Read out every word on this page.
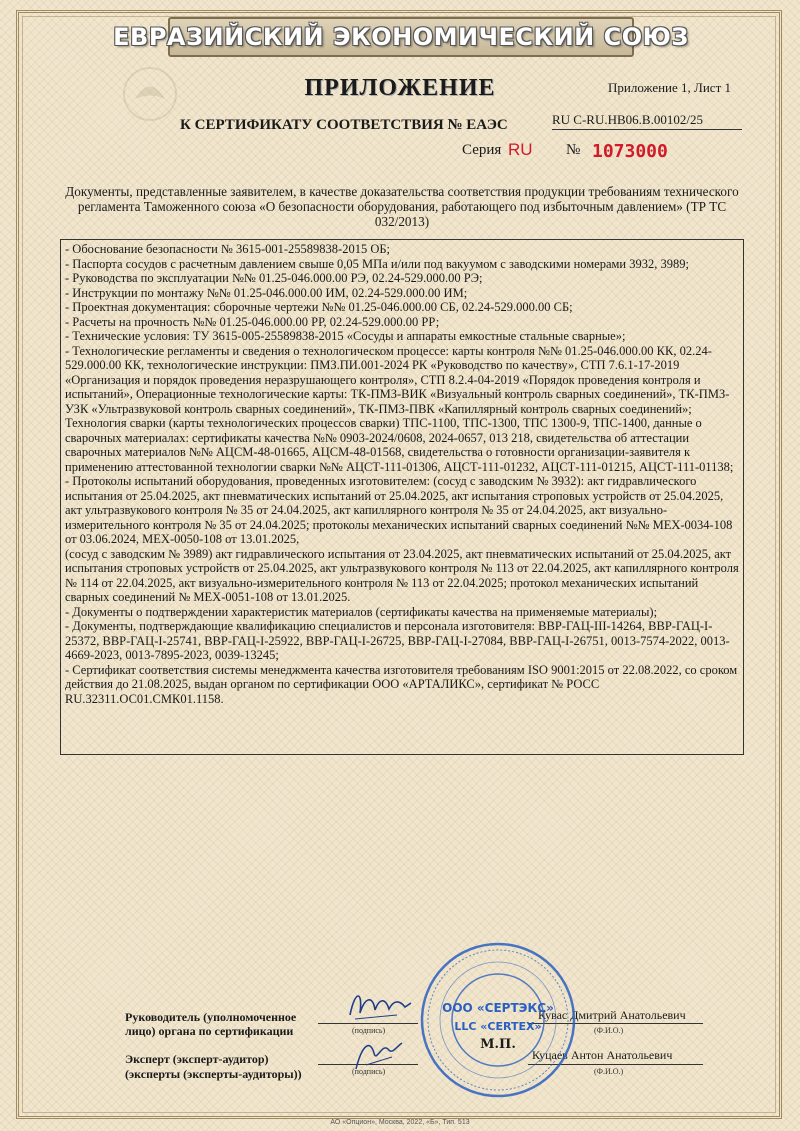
ЕВРАЗИЙСКИЙ ЭКОНОМИЧЕСКИЙ СОЮЗ
ПРИЛОЖЕНИЕ	Приложение 1, Лист 1
К СЕРТИФИКАТУ СООТВЕТСТВИЯ № ЕАЭС	RU C-RU.HB06.B.00102/25
Серия RU № 1073000
Документы, представленные заявителем, в качестве доказательства соответствия продукции требованиям технического регламента Таможенного союза «О безопасности оборудования, работающего под избыточным давлением» (ТР ТС 032/2013)

- Обоснование безопасности № 3615-001-25589838-2015 ОБ;

- Паспорта сосудов с расчетным давлением свыше 0,05 МПа и/или под вакуумом с заводскими номерами 3932, 3989;

- Руководства по эксплуатации №№ 01.25-046.000.00 РЭ, 02.24-529.000.00 РЭ;

- Инструкции по монтажу №№ 01.25-046.000.00 ИМ, 02.24-529.000.00 ИМ;

- Проектная документация: сборочные чертежи №№ 01.25-046.000.00 СБ, 02.24-529.000.00 СБ;

- Расчеты на прочность №№ 01.25-046.000.00 РР, 02.24-529.000.00 РР;

- Технические условия: ТУ 3615-005-25589838-2015 «Сосуды и аппараты емкостные стальные сварные»;

- Технологические регламенты и сведения о технологическом процессе: карты контроля №№ 01.25-046.000.00 КК, 02.24-529.000.00 КК, технологические инструкции: ПМЗ.ПИ.001-2024 РК «Руководство по качеству», СТП 7.6.1-17-2019 «Организация и порядок проведения неразрушающего контроля», СТП 8.2.4-04-2019 «Порядок проведения контроля и испытаний», Операционные технологические карты: ТК-ПМЗ-ВИК «Визуальный контроль сварных соединений», ТК-ПМЗ-УЗК «Ультразвуковой контроль сварных соединений», ТК-ПМЗ-ПВК «Капиллярный контроль сварных соединений»; Технология сварки (карты технологических процессов сварки) ТПС-1100, ТПС-1300, ТПС 1300-9, ТПС-1400, данные о сварочных материалах: сертификаты качества №№ 0903-2024/0608, 2024-0657, 013 218, свидетельства об аттестации сварочных материалов №№ АЦСМ-48-01665, АЦСМ-48-01568, свидетельства о готовности организации-заявителя к применению аттестованной технологии сварки №№ АЦСТ-111-01306, АЦСТ-111-01232, АЦСТ-111-01215, АЦСТ-111-01138;

- Протоколы испытаний оборудования, проведенных изготовителем: (сосуд с заводским № 3932): акт гидравлического испытания от 25.04.2025, акт пневматических испытаний от 25.04.2025, акт испытания строповых устройств от 25.04.2025, акт ультразвукового контроля № 35 от 24.04.2025, акт капиллярного контроля № 35 от 24.04.2025, акт визуально-измерительного контроля № 35 от 24.04.2025; протоколы механических испытаний сварных соединений №№ МЕХ-0034-108 от 03.06.2024, МЕХ-0050-108 от 13.01.2025,

(сосуд с заводским № 3989) акт гидравлического испытания от 23.04.2025, акт пневматических испытаний от 25.04.2025, акт испытания строповых устройств от 25.04.2025, акт ультразвукового контроля № 113 от 22.04.2025, акт капиллярного контроля № 114 от 22.04.2025, акт визуально-измерительного контроля № 113 от 22.04.2025; протокол механических испытаний сварных соединений № МЕХ-0051-108 от 13.01.2025.

- Документы о подтверждении характеристик материалов (сертификаты качества на применяемые материалы);

- Документы, подтверждающие квалификацию специалистов и персонала изготовителя: ВВР-ГАЦ-III-14264, ВВР-ГАЦ-I-25372, ВВР-ГАЦ-I-25741, ВВР-ГАЦ-I-25922, ВВР-ГАЦ-I-26725, ВВР-ГАЦ-I-27084, ВВР-ГАЦ-I-26751, 0013-7574-2022, 0013-4669-2023, 0013-7895-2023, 0039-13245;

- Сертификат соответствия системы менеджмента качества изготовителя требованиям ISO 9001:2015 от 22.08.2022, со сроком действия до 21.08.2025, выдан органом по сертификации ООО «АРТАЛИКС», сертификат № РОСС RU.32311.ОС01.СМК01.1158.

Руководитель (уполномоченное
лицо) органа по сертификации	(подпись)
Кувас Дмитрий Анатольевич
(Ф.И.О.)
Эксперт (эксперт-аудитор)
(эксперты (эксперты-аудиторы))	(подпись)
Куцаев Антон Анатольевич
(Ф.И.О.)
ООО «СЕРТЭКС»
LLC «CERTEX»
М.П.
АО «Опцион», Москва, 2022, «Б», Тип. 513
